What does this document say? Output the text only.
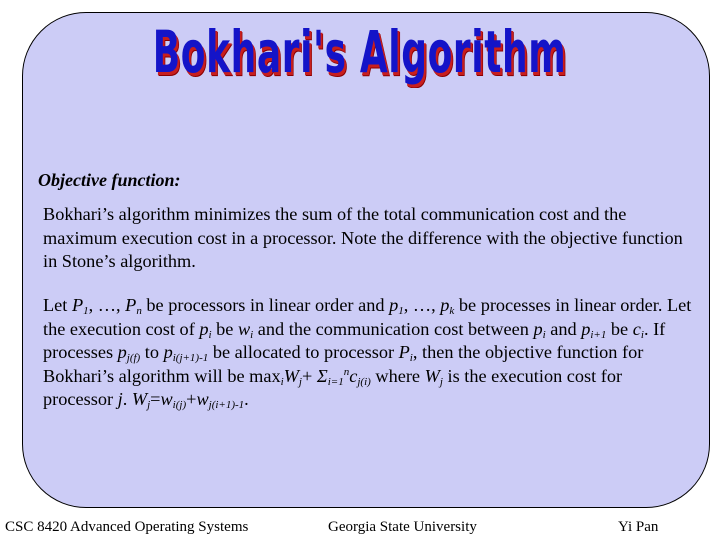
Bokhari's Algorithm
Objective function:
Bokhari’s algorithm minimizes the sum of the total communication cost and the maximum execution cost in a processor. Note the difference with the objective function in Stone’s algorithm.
Let $P_1$, …, $P_n$ be processors in linear order and $p_1$, …, $p_k$ be processes in linear order. Let the execution cost of $p_i$ be $w_i$ and the communication cost between $p_i$ and $p_{i+1}$ be $c_i$. If processes $p_{j(f)}$ to $p_{i(j+1)-1}$ be allocated to processor $P_i$, then the objective function for Bokhari’s algorithm will be $\max_iW_j+ \Sigma_{i=1}^nc_{j(i)}$ where $W_j$ is the execution cost for processor j. $W_j=w_{i(j)}+w_{j(i+1)-1}$.
CSC 8420 Advanced Operating Systems	Georgia State University	Yi Pan
